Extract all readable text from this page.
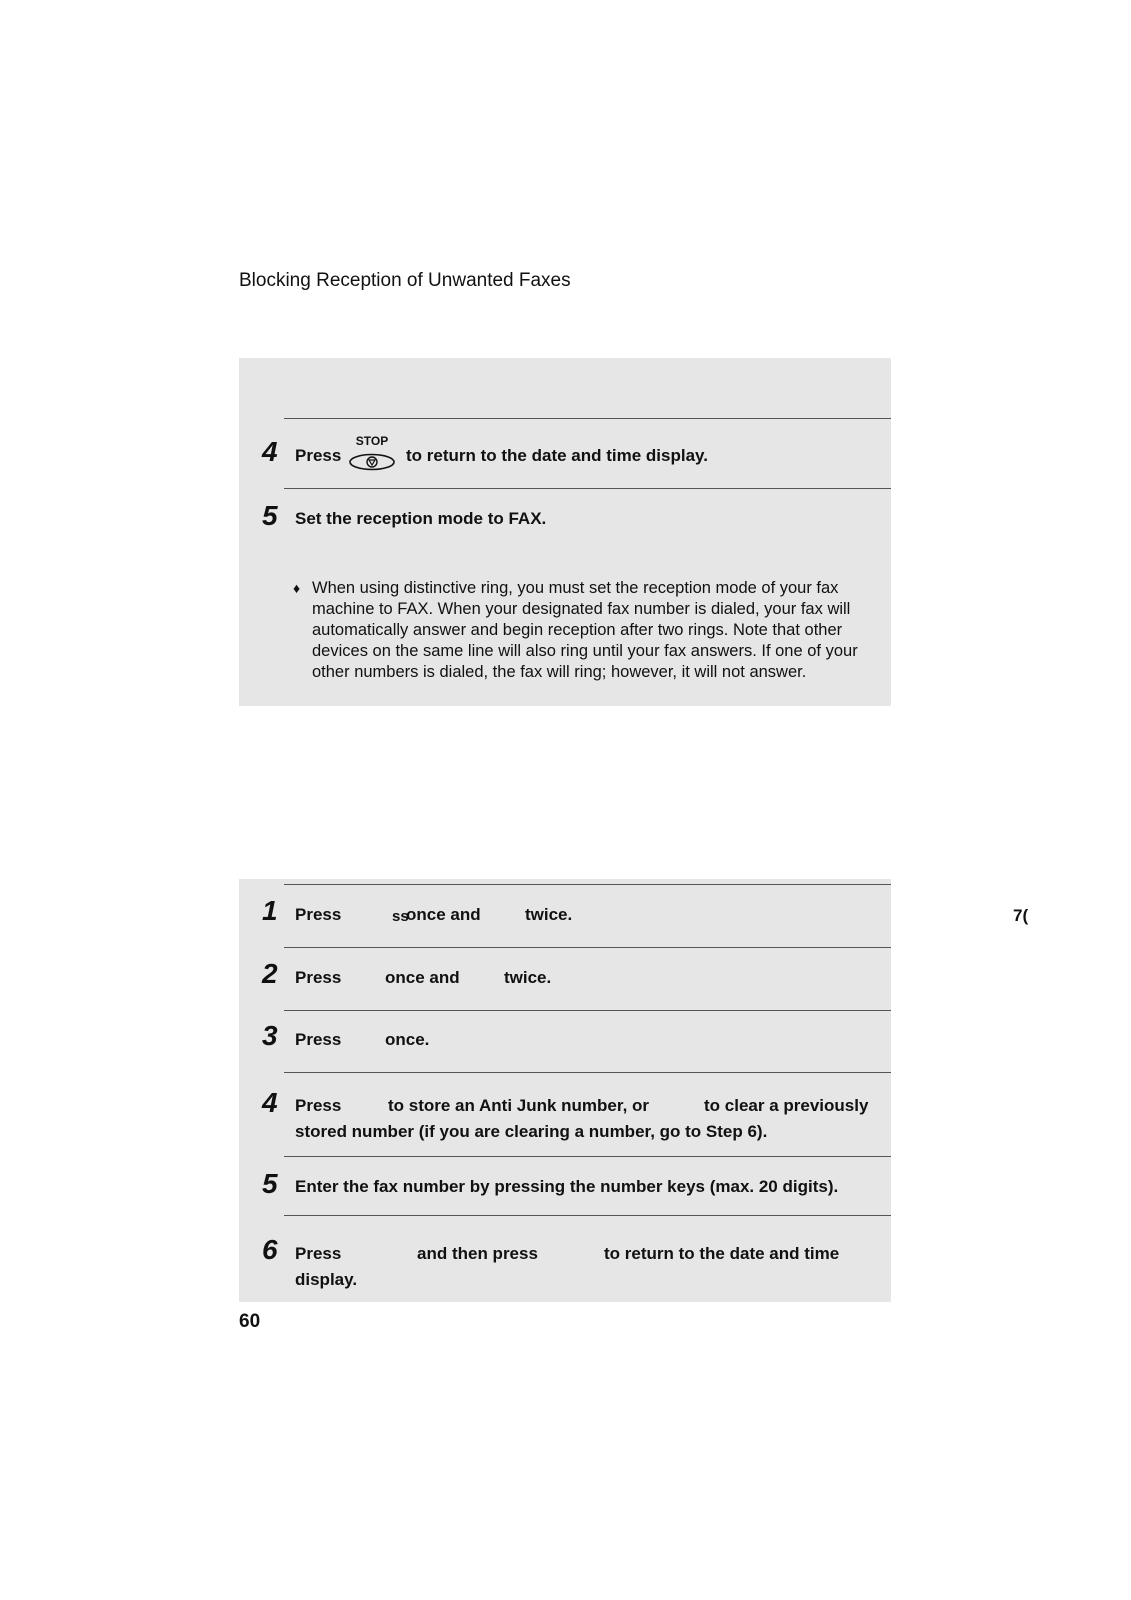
Blocking Reception of Unwanted Faxes
4 Press
STOP
to return to the date and time display.
5 Set the reception mode to FAX.
♦ When using distinctive ring, you must set the reception mode of your fax machine to FAX. When your designated fax number is dialed, your fax will automatically answer and begin reception after two rings. Note that other devices on the same line will also ring until your fax answers. If one of your other numbers is dialed, the fax will ring; however, it will not answer.
1 Press	ss
once and	twice.
2 Press	once and	twice.
3 Press	once.
4 Press	to store an Anti Junk number, or	to clear a previously
stored number (if you are clearing a number, go to Step 6).
5 Enter the fax number by pressing the number keys (max. 20 digits).
6 Press	and then press	to return to the date and time
display.
7(
60
